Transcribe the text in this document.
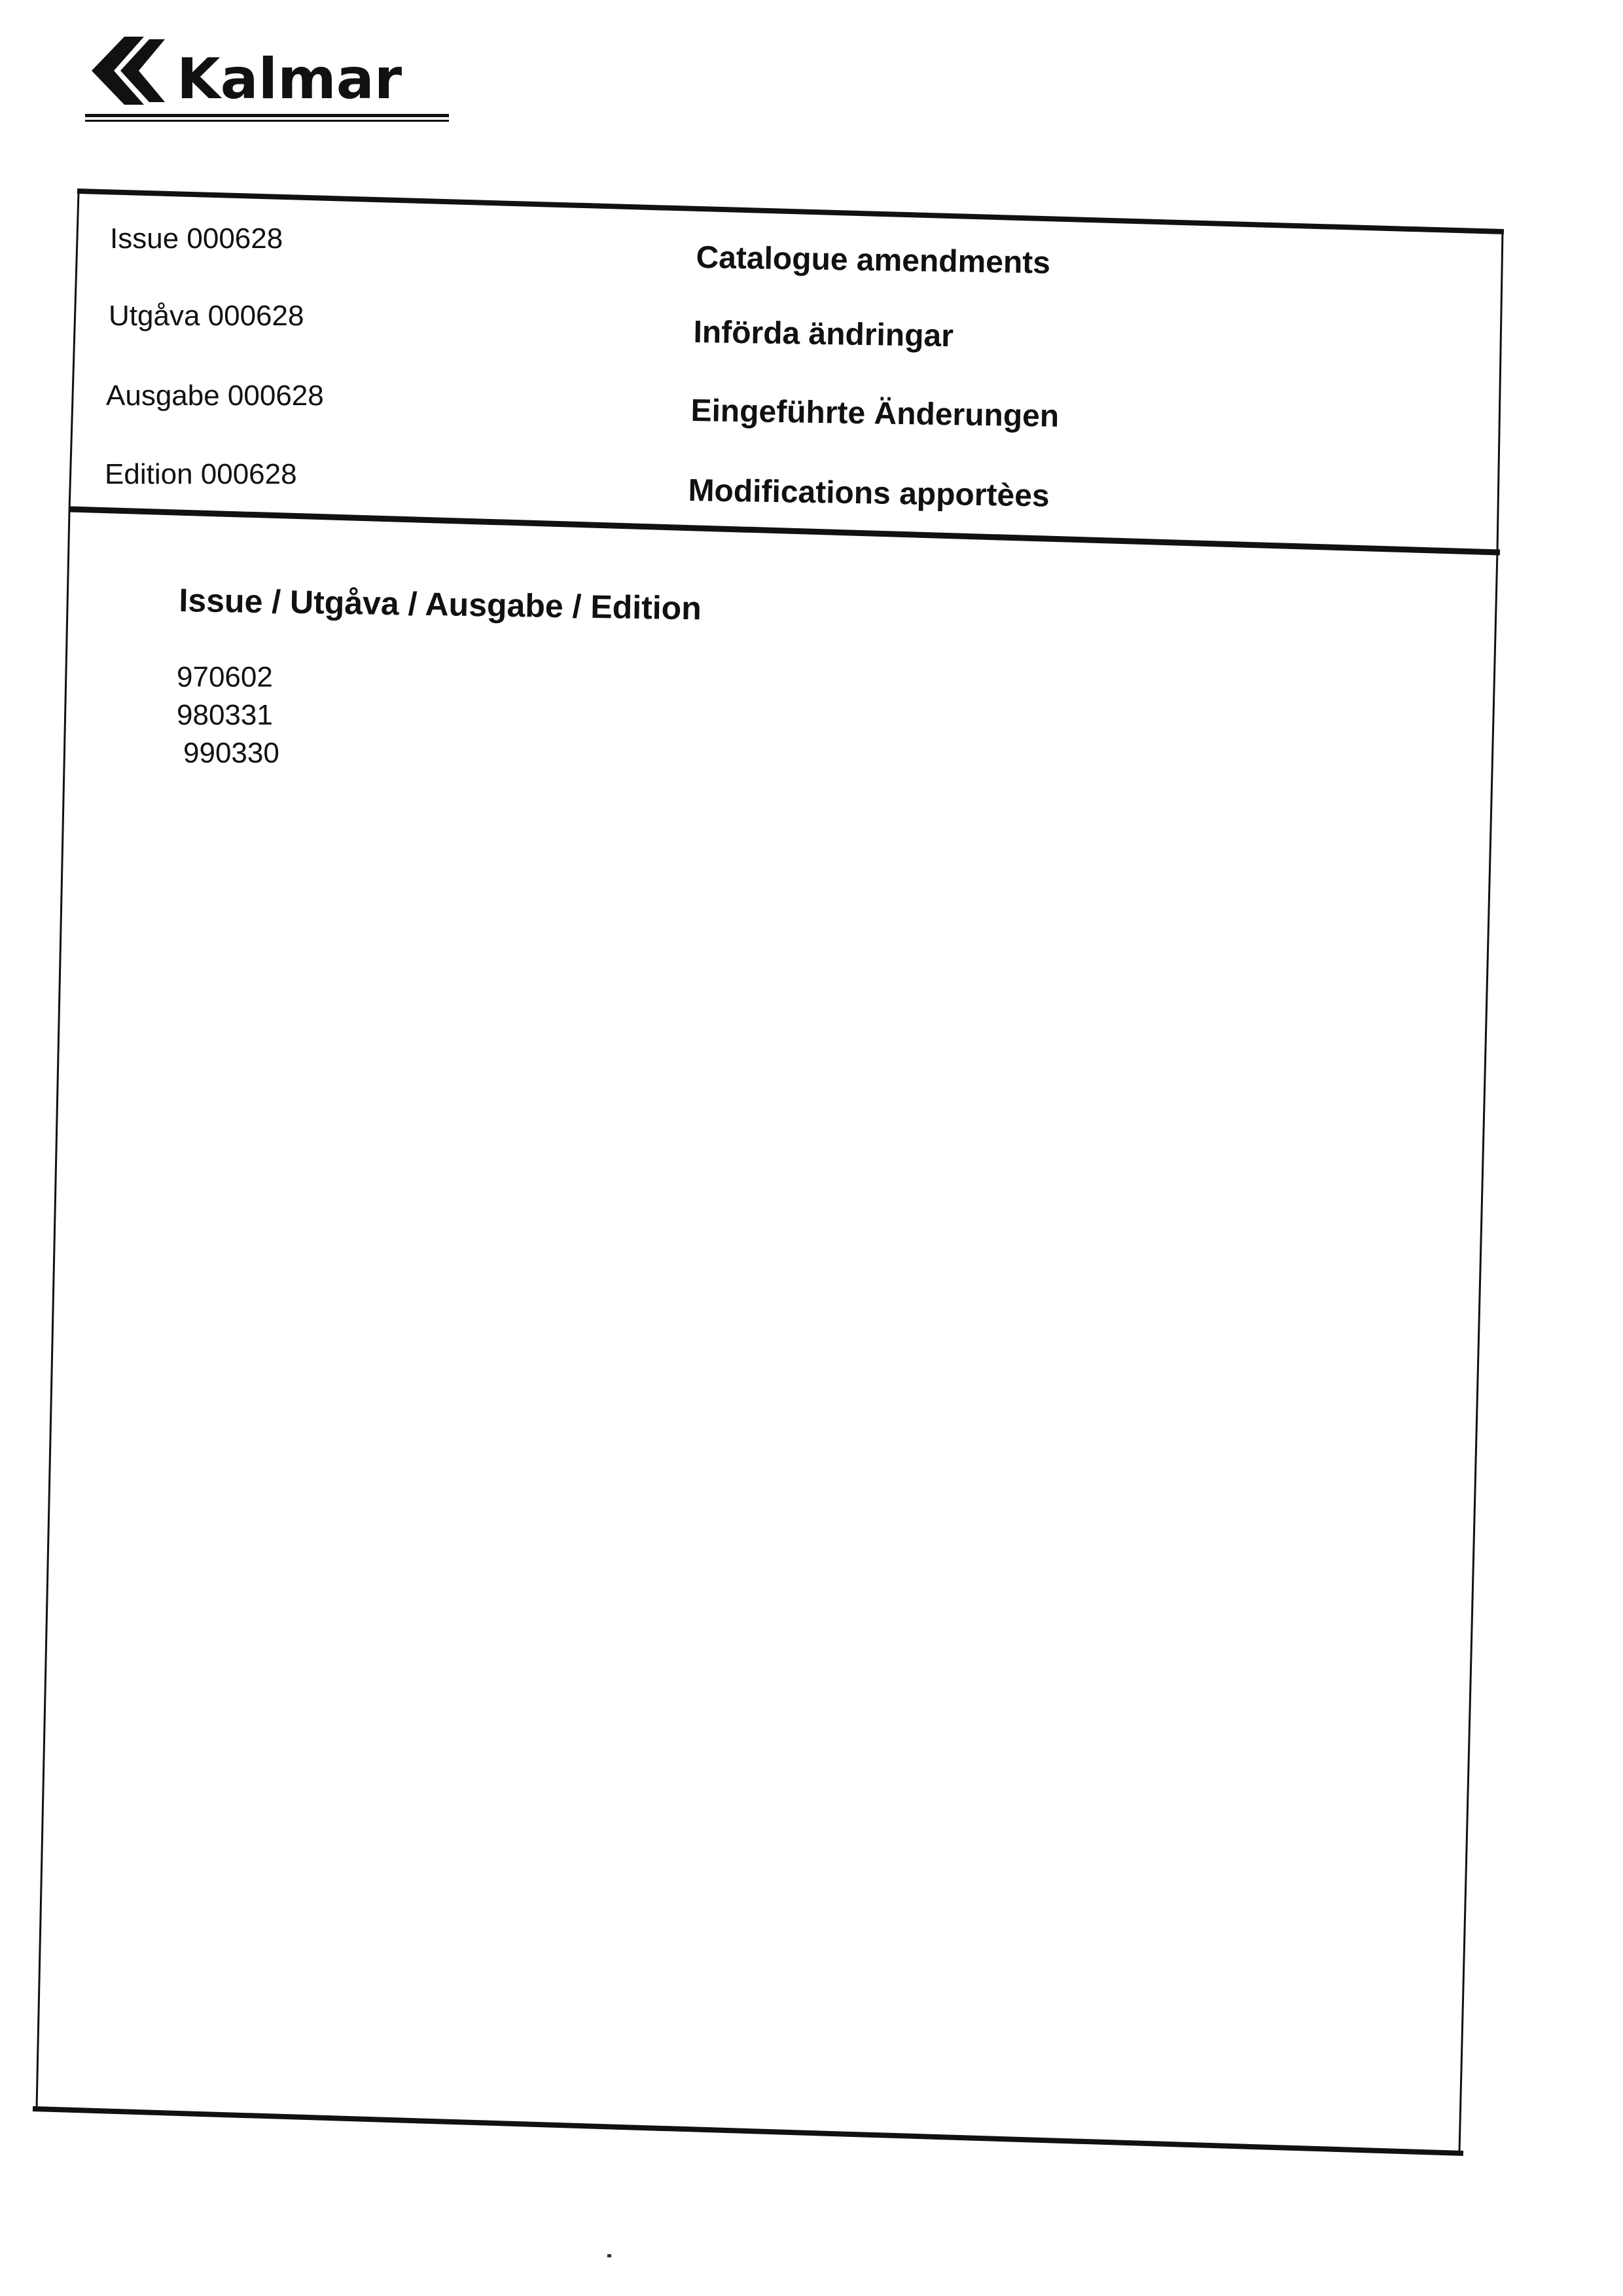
Kalmar
Issue 000628
Utgåva 000628
Ausgabe 000628
Edition 000628
Catalogue amendments
Införda ändringar
Eingeführte Änderungen
Modifications apportèes
Issue / Utgåva / Ausgabe / Edition
970602
980331
990330
